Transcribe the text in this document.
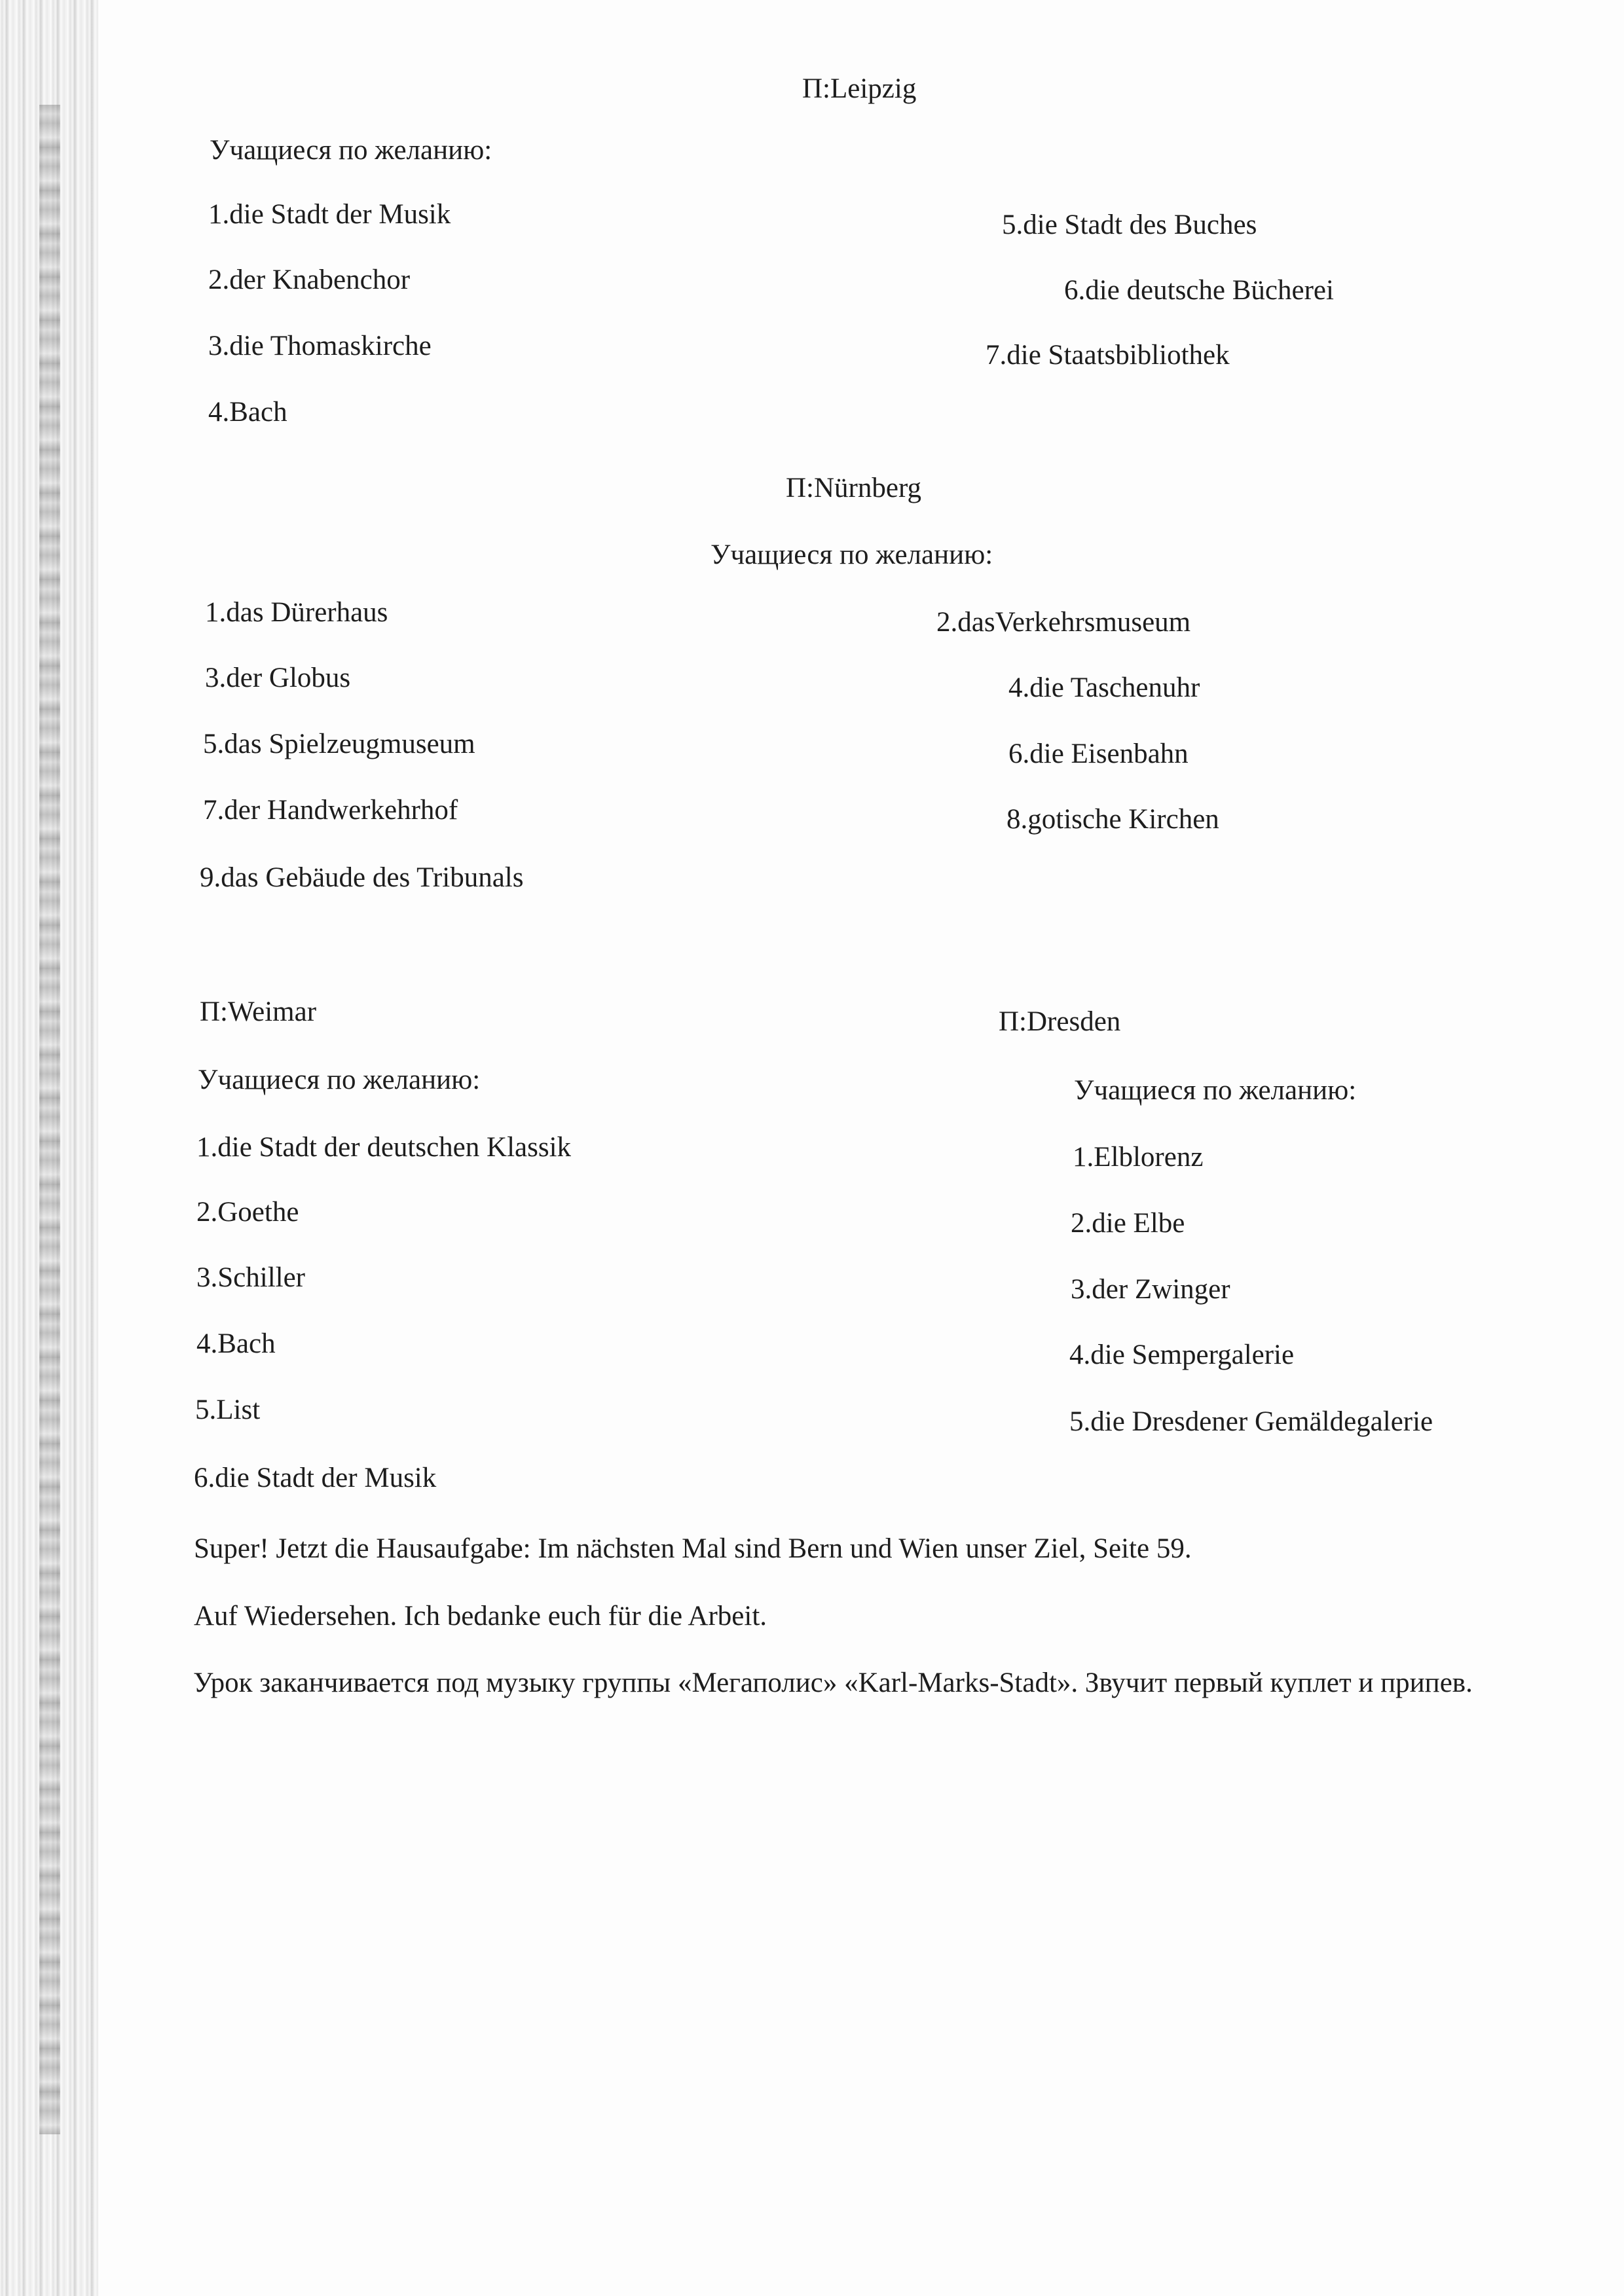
П:Leipzig
Учащиеся по желанию:
1.die Stadt der Musik
2.der Knabenchor
3.die Thomaskirche
4.Bach
5.die Stadt des Buches
6.die deutsche Bücherei
7.die Staatsbibliothek
П:Nürnberg
Учащиеся по желанию:
1.das Dürerhaus
3.der Globus
5.das Spielzeugmuseum
7.der Handwerkehrhof
9.das Gebäude des Tribunals
2.dasVerkehrsmuseum
4.die Taschenuhr
6.die Eisenbahn
8.gotische Kirchen
П:Weimar
Учащиеся по желанию:
1.die Stadt der deutschen Klassik
2.Goethe
3.Schiller
4.Bach
5.List
6.die Stadt der Musik
П:Dresden
Учащиеся по желанию:
1.Elblorenz
2.die Elbe
3.der Zwinger
4.die Sempergalerie
5.die Dresdener Gemäldegalerie
Super! Jetzt die Hausaufgabe: Im nächsten Mal sind Bern und Wien unser Ziel, Seite 59.
Auf Wiedersehen. Ich bedanke euch für die Arbeit.
Урок заканчивается под музыку группы «Мегаполис» «Karl-Marks-Stadt». Звучит первый куплет и припев.
